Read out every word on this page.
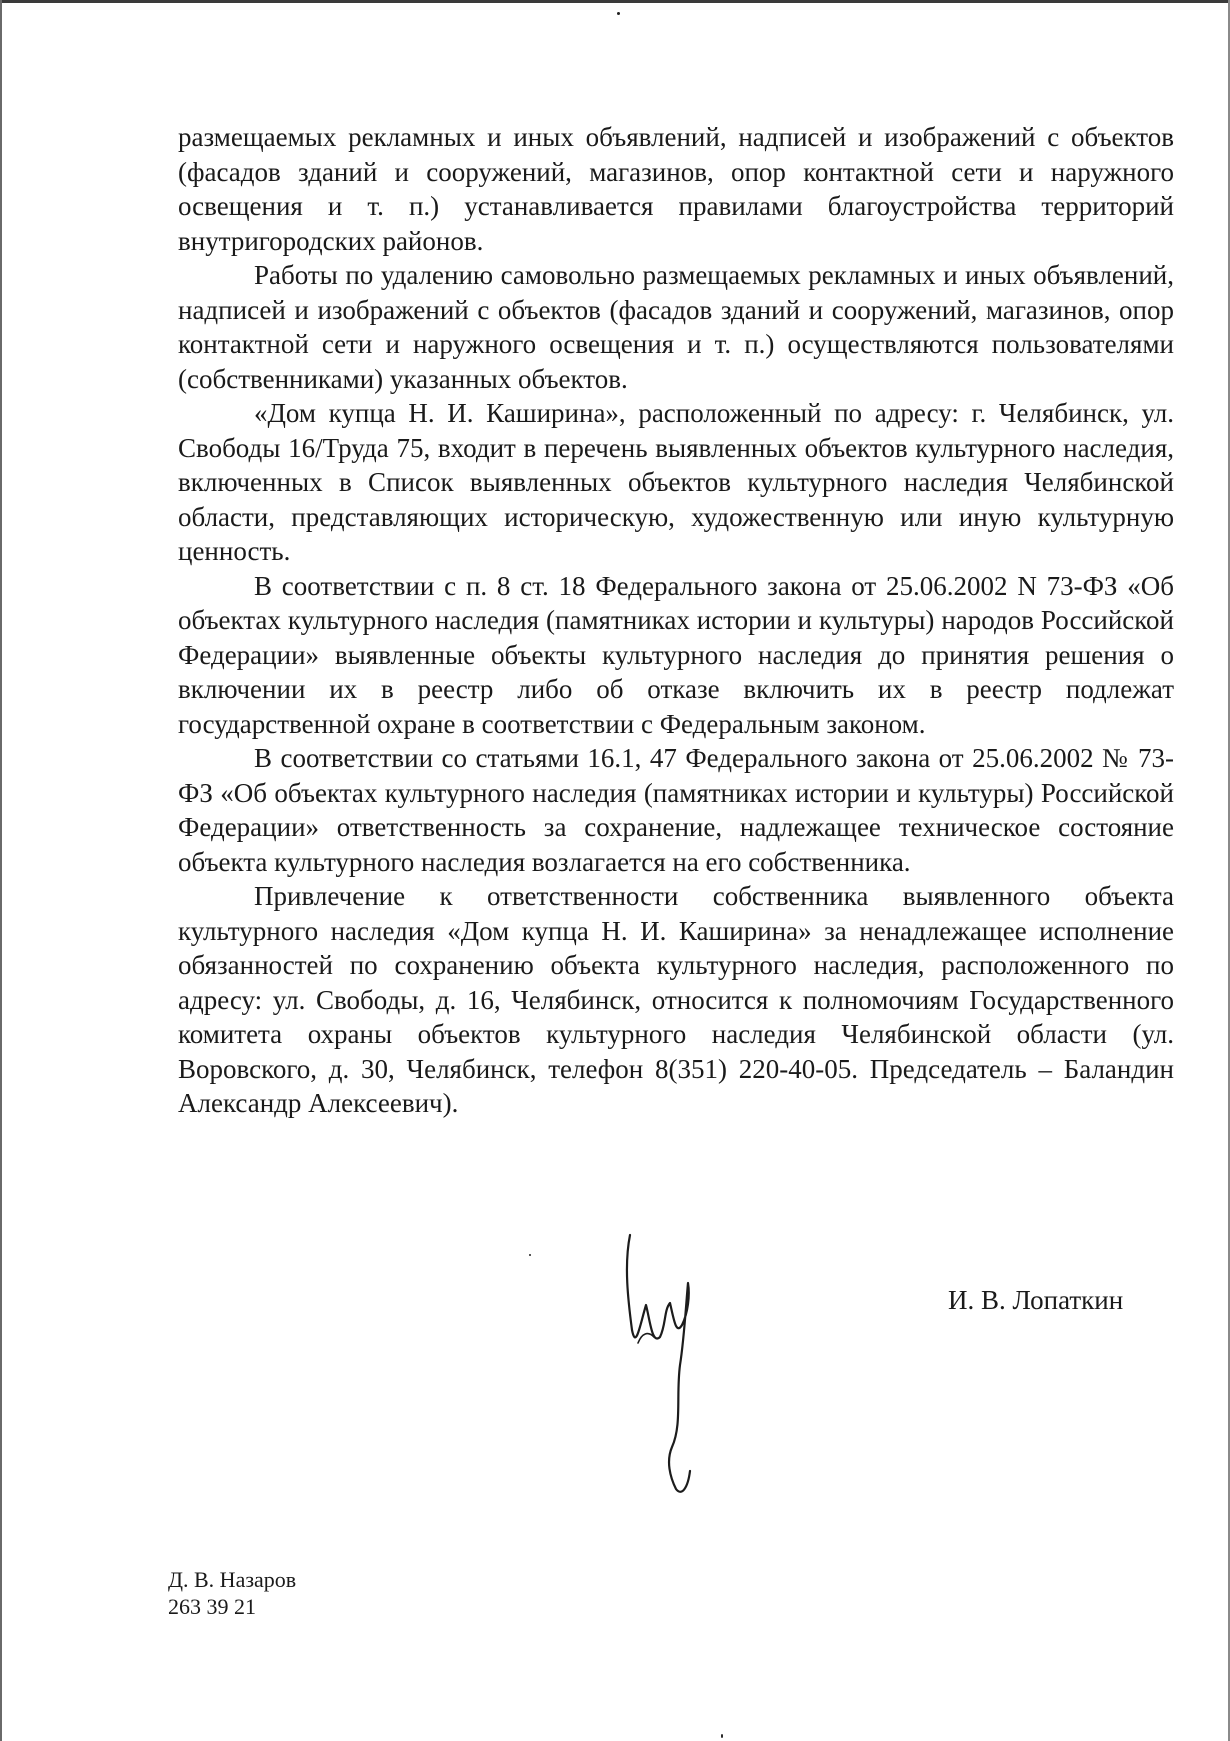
размещаемых рекламных и иных объявлений, надписей и изображений с объектов (фасадов зданий и сооружений, магазинов, опор контактной сети и наружного освещения и т. п.) устанавливается правилами благоустройства территорий внутригородских районов.

Работы по удалению самовольно размещаемых рекламных и иных объявлений, надписей и изображений с объектов (фасадов зданий и сооружений, магазинов, опор контактной сети и наружного освещения и т. п.) осуществляются пользователями (собственниками) указанных объектов.

«Дом купца Н. И. Каширина», расположенный по адресу: г. Челябинск, ул. Свободы 16/Труда 75, входит в перечень выявленных объектов культурного наследия, включенных в Список выявленных объектов культурного наследия Челябинской области, представляющих историческую, художественную или иную культурную ценность.

В соответствии с п. 8 ст. 18 Федерального закона от 25.06.2002 N 73-ФЗ «Об объектах культурного наследия (памятниках истории и культуры) народов Российской Федерации» выявленные объекты культурного наследия до принятия решения о включении их в реестр либо об отказе включить их в реестр подлежат государственной охране в соответствии с Федеральным законом.

В соответствии со статьями 16.1, 47 Федерального закона от 25.06.2002 № 73-ФЗ «Об объектах культурного наследия (памятниках истории и культуры) Российской Федерации» ответственность за сохранение, надлежащее техническое состояние объекта культурного наследия возлагается на его собственника.

Привлечение к ответственности собственника выявленного объекта культурного наследия «Дом купца Н. И. Каширина» за ненадлежащее исполнение обязанностей по сохранению объекта культурного наследия, расположенного по адресу: ул. Свободы, д. 16, Челябинск, относится к полномочиям Государственного комитета охраны объектов культурного наследия Челябинской области (ул. Воровского, д. 30, Челябинск, телефон 8(351) 220-40-05. Председатель – Баландин Александр Алексеевич).

И. В. Лопаткин
Д. В. Назаров
263 39 21
